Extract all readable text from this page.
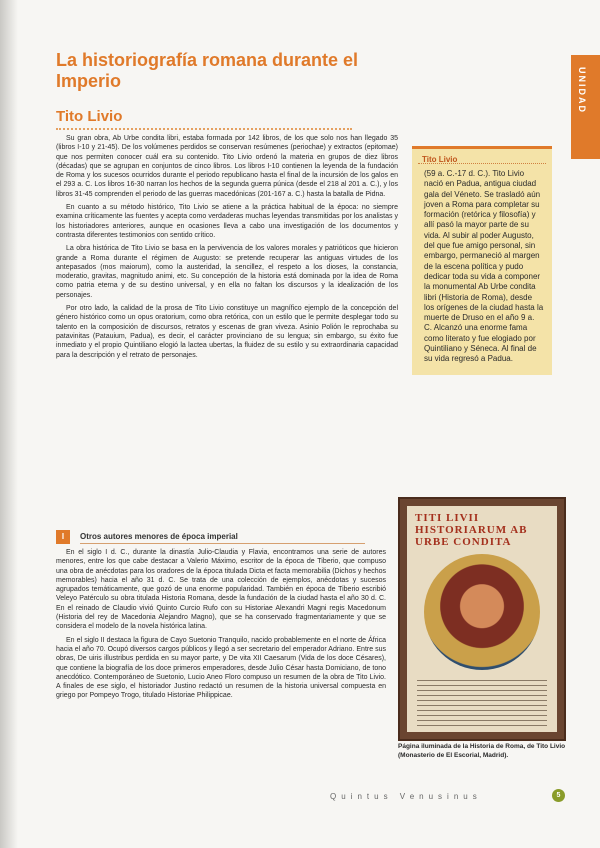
La historiografía romana durante el Imperio
Tito Livio
UNIDAD

Su gran obra, Ab Urbe condita libri, estaba formada por 142 libros, de los que solo nos han llegado 35 (libros I-10 y 21-45). De los volúmenes perdidos se conservan resúmenes (periochae) y extractos (epitomae) que nos permiten conocer cuál era su contenido. Tito Livio ordenó la materia en grupos de diez libros (décadas) que se agrupan en conjuntos de cinco libros. Los libros I-10 contienen la leyenda de la fundación de Roma y los sucesos ocurridos durante el periodo republicano hasta el final de la incursión de los galos en el 293 a. C. Los libros 16-30 narran los hechos de la segunda guerra púnica (desde el 218 al 201 a. C.), y los libros 31-45 comprenden el periodo de las guerras macedónicas (201-167 a. C.) hasta la batalla de Pidna.

En cuanto a su método histórico, Tito Livio se atiene a la práctica habitual de la época: no siempre examina críticamente las fuentes y acepta como verdaderas muchas leyendas transmitidas por los analistas y los historiadores anteriores, aunque en ocasiones lleva a cabo una investigación de los documentos y contrasta diferentes testimonios con sentido crítico.

La obra histórica de Tito Livio se basa en la pervivencia de los valores morales y patrióticos que hicieron grande a Roma durante el régimen de Augusto: se pretende recuperar las antiguas virtudes de los antepasados (mos maiorum), como la austeridad, la sencillez, el respeto a los dioses, la constancia, moderatio, gravitas, magnitudo animi, etc. Su concepción de la historia está dominada por la idea de Roma como patria eterna y de su destino universal, y en ella no faltan los discursos y la idealización de los personajes.

Por otro lado, la calidad de la prosa de Tito Livio constituye un magnífico ejemplo de la concepción del género histórico como un opus oratorium, como obra retórica, con un estilo que le permite desplegar todo su talento en la composición de discursos, retratos y escenas de gran viveza. Asinio Polión le reprochaba su patavinitas (Patauium, Padua), es decir, el carácter provinciano de su lengua; sin embargo, su éxito fue inmediato y el propio Quintiliano elogió la lactea ubertas, la fluidez de su estilo y su extraordinaria capacidad para la descripción y el retrato de personajes.

Tito Livio
(59 a. C.-17 d. C.). Tito Livio nació en Padua, antigua ciudad gala del Véneto. Se trasladó aún joven a Roma para completar su formación (retórica y filosofía) y allí pasó la mayor parte de su vida. Al subir al poder Augusto, del que fue amigo personal, sin embargo, permaneció al margen de la escena política y pudo dedicar toda su vida a componer la monumental Ab Urbe condita libri (Historia de Roma), desde los orígenes de la ciudad hasta la muerte de Druso en el año 9 a. C. Alcanzó una enorme fama como literato y fue elogiado por Quintiliano y Séneca. Al final de su vida regresó a Padua.
I	Otros autores menores de época imperial

En el siglo I d. C., durante la dinastía Julio-Claudia y Flavia, encontramos una serie de autores menores, entre los que cabe destacar a Valerio Máximo, escritor de la época de Tiberio, que compuso una obra de anécdotas para los oradores de la época titulada Dicta et facta memorabilia (Dichos y hechos memorables) hacia el año 31 d. C. Se trata de una colección de ejemplos, anécdotas y sucesos agrupados temáticamente, que gozó de una enorme popularidad. También en época de Tiberio escribió Veleyo Patérculo su obra titulada Historia Romana, desde la fundación de la ciudad hasta el año 30 d. C. En el reinado de Claudio vivió Quinto Curcio Rufo con su Historiae Alexandri Magni regis Macedonum (Historia del rey de Macedonia Alejandro Magno), que se ha conservado fragmentariamente y que se considera el modelo de la novela histórica latina.

En el siglo II destaca la figura de Cayo Suetonio Tranquilo, nacido probablemente en el norte de África hacia el año 70. Ocupó diversos cargos públicos y llegó a ser secretario del emperador Adriano. Entre sus obras, De uiris illustribus perdida en su mayor parte, y De vita XII Caesarum (Vida de los doce Césares), que contiene la biografía de los doce primeros emperadores, desde Julio César hasta Domiciano, de tono anecdótico. Contemporáneo de Suetonio, Lucio Aneo Floro compuso un resumen de la obra de Tito Livio. A finales de ese siglo, el historiador Justino redactó un resumen de la historia universal compuesta en griego por Pompeyo Trogo, titulado Historiae Philippicae.

TITI LIVII HISTORIARUM AB URBE CONDITA
Página iluminada de la Historia de Roma, de Tito Livio (Monasterio de El Escorial, Madrid).
Quintus Venusinus	5
